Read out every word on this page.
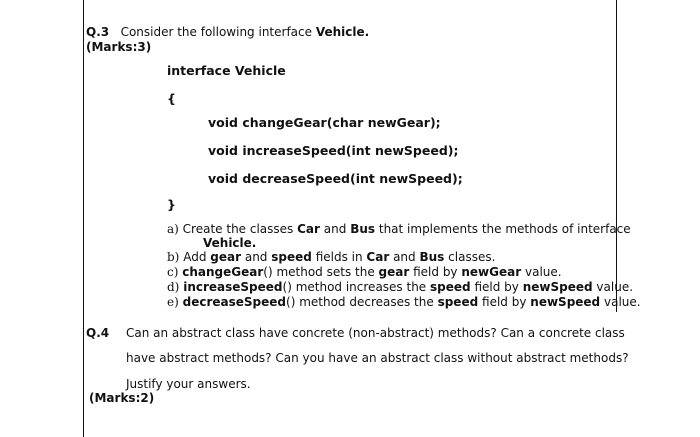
Q.3 Consider the following interface Vehicle.
(Marks:3)
interface Vehicle
{
void changeGear(char newGear);
void increaseSpeed(int newSpeed);
void decreaseSpeed(int newSpeed);
}
a) Create the classes Car and Bus that implements the methods of interface
Vehicle.
b) Add gear and speed fields in Car and Bus classes.
c) changeGear() method sets the gear field by newGear value.
d) increaseSpeed() method increases the speed field by newSpeed value.
e) decreaseSpeed() method decreases the speed field by newSpeed value.
Q.4 Can an abstract class have concrete (non-abstract) methods? Can a concrete class
have abstract methods? Can you have an abstract class without abstract methods?
Justify your answers.
(Marks:2)
